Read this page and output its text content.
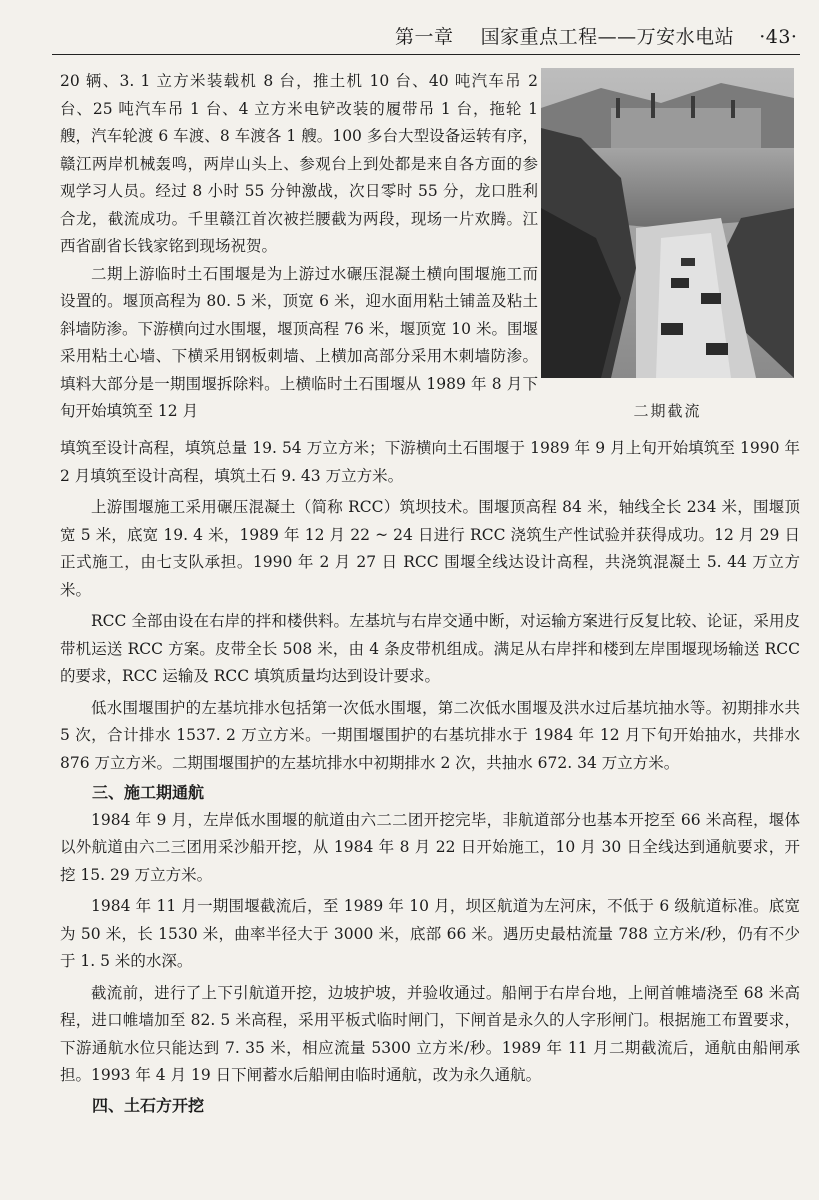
第一章 国家重点工程——万安水电站 ·43·

20 辆、3. 1 立方米装载机 8 台，推土机 10 台、40 吨汽车吊 2 台、25 吨汽车吊 1 台、4 立方米电铲改装的履带吊 1 台，拖轮 1 艘，汽车轮渡 6 车渡、8 车渡各 1 艘。100 多台大型设备运转有序，赣江两岸机械轰鸣，两岸山头上、参观台上到处都是来自各方面的参观学习人员。经过 8 小时 55 分钟激战，次日零时 55 分，龙口胜利合龙，截流成功。千里赣江首次被拦腰截为两段，现场一片欢腾。江西省副省长钱家铭到现场祝贺。

二期上游临时土石围堰是为上游过水碾压混凝土横向围堰施工而设置的。堰顶高程为 80. 5 米，顶宽 6 米，迎水面用粘土铺盖及粘土斜墙防渗。下游横向过水围堰，堰顶高程 76 米，堰顶宽 10 米。围堰采用粘土心墙、下横采用钢板刺墙、上横加高部分采用木刺墙防渗。填料大部分是一期围堰拆除料。上横临时土石围堰从 1989 年 8 月下旬开始填筑至 12 月	二期截流

填筑至设计高程，填筑总量 19. 54 万立方米；下游横向土石围堰于 1989 年 9 月上旬开始填筑至 1990 年 2 月填筑至设计高程，填筑土石 9. 43 万立方米。

上游围堰施工采用碾压混凝土（简称 RCC）筑坝技术。围堰顶高程 84 米，轴线全长 234 米，围堰顶宽 5 米，底宽 19. 4 米，1989 年 12 月 22 ~ 24 日进行 RCC 浇筑生产性试验并获得成功。12 月 29 日正式施工，由七支队承担。1990 年 2 月 27 日 RCC 围堰全线达设计高程，共浇筑混凝土 5. 44 万立方米。

RCC 全部由设在右岸的拌和楼供料。左基坑与右岸交通中断，对运输方案进行反复比较、论证，采用皮带机运送 RCC 方案。皮带全长 508 米，由 4 条皮带机组成。满足从右岸拌和楼到左岸围堰现场输送 RCC 的要求，RCC 运输及 RCC 填筑质量均达到设计要求。

低水围堰围护的左基坑排水包括第一次低水围堰，第二次低水围堰及洪水过后基坑抽水等。初期排水共 5 次，合计排水 1537. 2 万立方米。一期围堰围护的右基坑排水于 1984 年 12 月下旬开始抽水，共排水 876 万立方米。二期围堰围护的左基坑排水中初期排水 2 次，共抽水 672. 34 万立方米。

三、施工期通航

1984 年 9 月，左岸低水围堰的航道由六二二团开挖完毕，非航道部分也基本开挖至 66 米高程，堰体以外航道由六二三团用采沙船开挖，从 1984 年 8 月 22 日开始施工，10 月 30 日全线达到通航要求，开挖 15. 29 万立方米。

1984 年 11 月一期围堰截流后，至 1989 年 10 月，坝区航道为左河床，不低于 6 级航道标准。底宽为 50 米，长 1530 米，曲率半径大于 3000 米，底部 66 米。遇历史最枯流量 788 立方米/秒，仍有不少于 1. 5 米的水深。

截流前，进行了上下引航道开挖，边坡护坡，并验收通过。船闸于右岸台地，上闸首帷墙浇至 68 米高程，进口帷墙加至 82. 5 米高程，采用平板式临时闸门，下闸首是永久的人字形闸门。根据施工布置要求，下游通航水位只能达到 7. 35 米，相应流量 5300 立方米/秒。1989 年 11 月二期截流后，通航由船闸承担。1993 年 4 月 19 日下闸蓄水后船闸由临时通航，改为永久通航。

四、土石方开挖
